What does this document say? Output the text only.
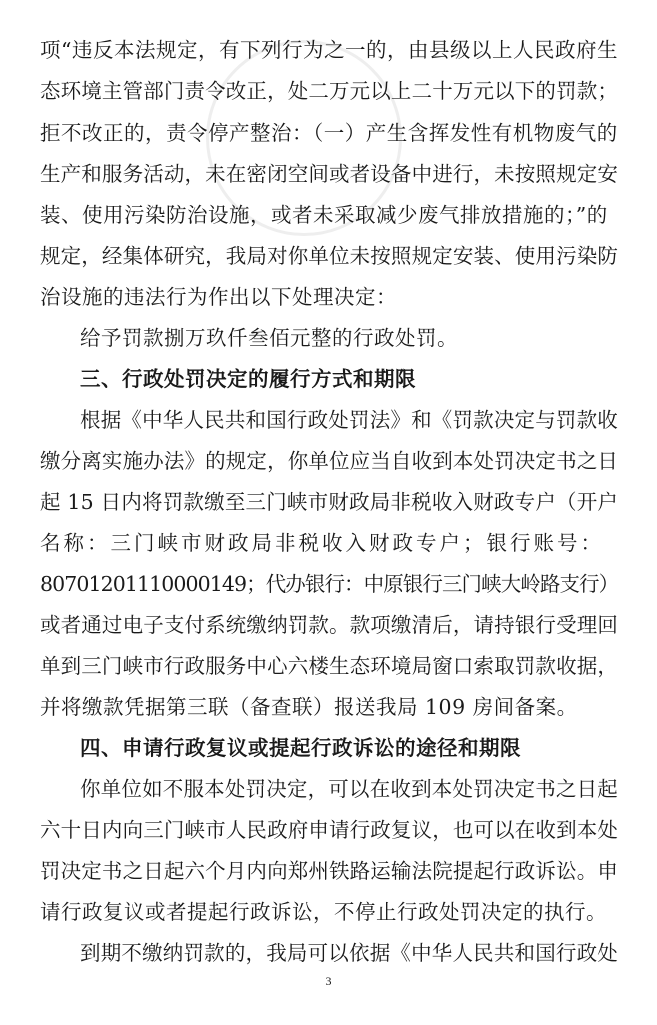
项“违反本法规定，有下列行为之一的，由县级以上人民政府生
态环境主管部门责令改正，处二万元以上二十万元以下的罚款；
拒不改正的，责令停产整治：（一）产生含挥发性有机物废气的
生产和服务活动，未在密闭空间或者设备中进行，未按照规定安
装、使用污染防治设施，或者未采取减少废气排放措施的；”的
规定，经集体研究，我局对你单位未按照规定安装、使用污染防
治设施的违法行为作出以下处理决定：
给予罚款捌万玖仟叁佰元整的行政处罚。
三、行政处罚决定的履行方式和期限
根据《中华人民共和国行政处罚法》和《罚款决定与罚款收
缴分离实施办法》的规定，你单位应当自收到本处罚决定书之日
起 15 日内将罚款缴至三门峡市财政局非税收入财政专户（开户
名称：三门峡市财政局非税收入财政专户；银行账号：
80701201110000149；代办银行：中原银行三门峡大岭路支行）
或者通过电子支付系统缴纳罚款。款项缴清后，请持银行受理回
单到三门峡市行政服务中心六楼生态环境局窗口索取罚款收据，
并将缴款凭据第三联（备查联）报送我局 109 房间备案。
四、申请行政复议或提起行政诉讼的途径和期限
你单位如不服本处罚决定，可以在收到本处罚决定书之日起
六十日内向三门峡市人民政府申请行政复议，也可以在收到本处
罚决定书之日起六个月内向郑州铁路运输法院提起行政诉讼。申
请行政复议或者提起行政诉讼，不停止行政处罚决定的执行。
到期不缴纳罚款的，我局可以依据《中华人民共和国行政处
3
